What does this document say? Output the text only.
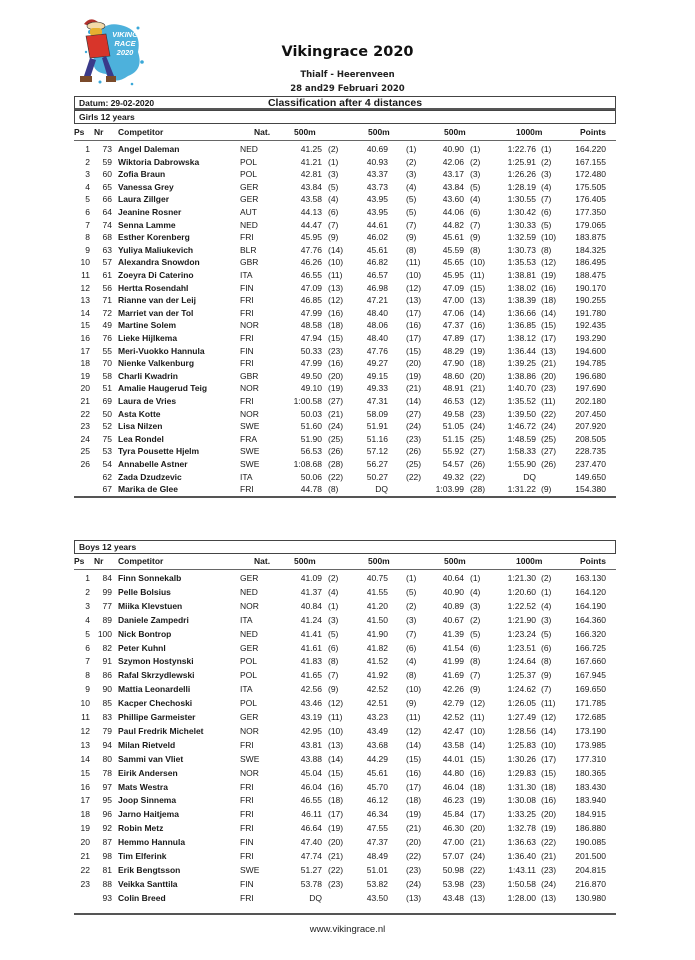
VIKING
RACE
2020	Vikingrace 2020
Thialf - Heerenveen
28 and29 Februari 2020
Datum: 29-02-2020	Classification after 4 distances
Girls 12 years
Ps Nr Competitor	Nat.	500m	500m	500m	1000m	Points
1	73 Angel Daleman	NED	41.25 (2)	40.69 (1)	40.90 (1)	1:22.76 (1)	164.220
2	59 Wiktoria Dabrowska	POL	41.21 (1)	40.93 (2)	42.06 (2)	1:25.91 (2)	167.155
3	60 Zofia Braun	POL	42.81 (3)	43.37 (3)	43.17 (3)	1:26.26 (3)	172.480
4	65 Vanessa Grey	GER	43.84 (5)	43.73 (4)	43.84 (5)	1:28.19 (4)	175.505
5	66 Laura Zillger	GER	43.58 (4)	43.95 (5)	43.60 (4)	1:30.55 (7)	176.405
6	64 Jeanine Rosner	AUT	44.13 (6)	43.95 (5)	44.06 (6)	1:30.42 (6)	177.350
7	74 Senna Lamme	NED	44.47 (7)	44.61 (7)	44.82 (7)	1:30.33 (5)	179.065
8	68 Esther Korenberg	FRI	45.95 (9)	46.02 (9)	45.61 (9)	1:32.59 (10)	183.875
9	63 Yuliya Maliukevich	BLR	47.76 (14)	45.61 (8)	45.59 (8)	1:30.73 (8)	184.325
10	57 Alexandra Snowdon	GBR	46.26 (10)	46.82 (11)	45.65 (10)	1:35.53 (12)	186.495
11	61 Zoeyra Di Caterino	ITA	46.55 (11)	46.57 (10)	45.95 (11)	1:38.81 (19)	188.475
12	56 Hertta Rosendahl	FIN	47.09 (13)	46.98 (12)	47.09 (15)	1:38.02 (16)	190.170
13	71 Rianne van der Leij	FRI	46.85 (12)	47.21 (13)	47.00 (13)	1:38.39 (18)	190.255
14	72 Marriet van der Tol	FRI	47.99 (16)	48.40 (17)	47.06 (14)	1:36.66 (14)	191.780
15	49 Martine Solem	NOR	48.58 (18)	48.06 (16)	47.37 (16)	1:36.85 (15)	192.435
16	76 Lieke Hijlkema	FRI	47.94 (15)	48.40 (17)	47.89 (17)	1:38.12 (17)	193.290
17	55 Meri-Vuokko Hannula	FIN	50.33 (23)	47.76 (15)	48.29 (19)	1:36.44 (13)	194.600
18	70 Nienke Valkenburg	FRI	47.99 (16)	49.27 (20)	47.90 (18)	1:39.25 (21)	194.785
19	58 Charli Kwadrin	GBR	49.50 (20)	49.15 (19)	48.60 (20)	1:38.86 (20)	196.680
20	51 Amalie Haugerud Teig	NOR	49.10 (19)	49.33 (21)	48.91 (21)	1:40.70 (23)	197.690
21	69 Laura de Vries	FRI	1:00.58 (27)	47.31 (14)	46.53 (12)	1:35.52 (11)	202.180
22	50 Asta Kotte	NOR	50.03 (21)	58.09 (27)	49.58 (23)	1:39.50 (22)	207.450
23	52 Lisa Nilzen	SWE	51.60 (24)	51.91 (24)	51.05 (24)	1:46.72 (24)	207.920
24	75 Lea Rondel	FRA	51.90 (25)	51.16 (23)	51.15 (25)	1:48.59 (25)	208.505
25	53 Tyra Pousette Hjelm	SWE	56.53 (26)	57.12 (26)	55.92 (27)	1:58.33 (27)	228.735
26	54 Annabelle Astner	SWE	1:08.68 (28)	56.27 (25)	54.57 (26)	1:55.90 (26)	237.470
62 Zada Dzudzevic	ITA	50.06 (22)	50.27 (22)	49.32 (22)	DQ	149.650
67 Marika de Glee	FRI	44.78 (8)	DQ	1:03.99 (28)	1:31.22 (9)	154.380
Boys 12 years
Ps Nr Competitor	Nat.	500m	500m	500m	1000m	Points
1	84 Finn Sonnekalb	GER	41.09 (2)	40.75 (1)	40.64 (1)	1:21.30 (2)	163.130
2	99 Pelle Bolsius	NED	41.37 (4)	41.55 (5)	40.90 (4)	1:20.60 (1)	164.120
3	77 Miika Klevstuen	NOR	40.84 (1)	41.20 (2)	40.89 (3)	1:22.52 (4)	164.190
4	89 Daniele Zampedri	ITA	41.24 (3)	41.50 (3)	40.67 (2)	1:21.90 (3)	164.360
5 100 Nick Bontrop	NED	41.41 (5)	41.90 (7)	41.39 (5)	1:23.24 (5)	166.320
6	82 Peter Kuhnl	GER	41.61 (6)	41.82 (6)	41.54 (6)	1:23.51 (6)	166.725
7	91 Szymon Hostynski	POL	41.83 (8)	41.52 (4)	41.99 (8)	1:24.64 (8)	167.660
8	86 Rafal Skrzydlewski	POL	41.65 (7)	41.92 (8)	41.69 (7)	1:25.37 (9)	167.945
9	90 Mattia Leonardelli	ITA	42.56 (9)	42.52 (10)	42.26 (9)	1:24.62 (7)	169.650
10	85 Kacper Chechoski	POL	43.46 (12)	42.51 (9)	42.79 (12)	1:26.05 (11)	171.785
11	83 Phillipe Garmeister	GER	43.19 (11)	43.23 (11)	42.52 (11)	1:27.49 (12)	172.685
12	79 Paul Fredrik Michelet	NOR	42.95 (10)	43.49 (12)	42.47 (10)	1:28.56 (14)	173.190
13	94 Milan Rietveld	FRI	43.81 (13)	43.68 (14)	43.58 (14)	1:25.83 (10)	173.985
14	80 Sammi van Vliet	SWE	43.88 (14)	44.29 (15)	44.01 (15)	1:30.26 (17)	177.310
15	78 Eirik Andersen	NOR	45.04 (15)	45.61 (16)	44.80 (16)	1:29.83 (15)	180.365
16	97 Mats Westra	FRI	46.04 (16)	45.70 (17)	46.04 (18)	1:31.30 (18)	183.430
17	95 Joop Sinnema	FRI	46.55 (18)	46.12 (18)	46.23 (19)	1:30.08 (16)	183.940
18	96 Jarno Haitjema	FRI	46.11 (17)	46.34 (19)	45.84 (17)	1:33.25 (20)	184.915
19	92 Robin Metz	FRI	46.64 (19)	47.55 (21)	46.30 (20)	1:32.78 (19)	186.880
20	87 Hemmo Hannula	FIN	47.40 (20)	47.37 (20)	47.00 (21)	1:36.63 (22)	190.085
21	98 Tim Elferink	FRI	47.74 (21)	48.49 (22)	57.07 (24)	1:36.40 (21)	201.500
22	81 Erik Bengtsson	SWE	51.27 (22)	51.01 (23)	50.98 (22)	1:43.11 (23)	204.815
23	88 Veikka Santtila	FIN	53.78 (23)	53.82 (24)	53.98 (23)	1:50.58 (24)	216.870
93 Colin Breed	FRI	DQ	43.50 (13)	43.48 (13)	1:28.00 (13)	130.980
www.vikingrace.nl
